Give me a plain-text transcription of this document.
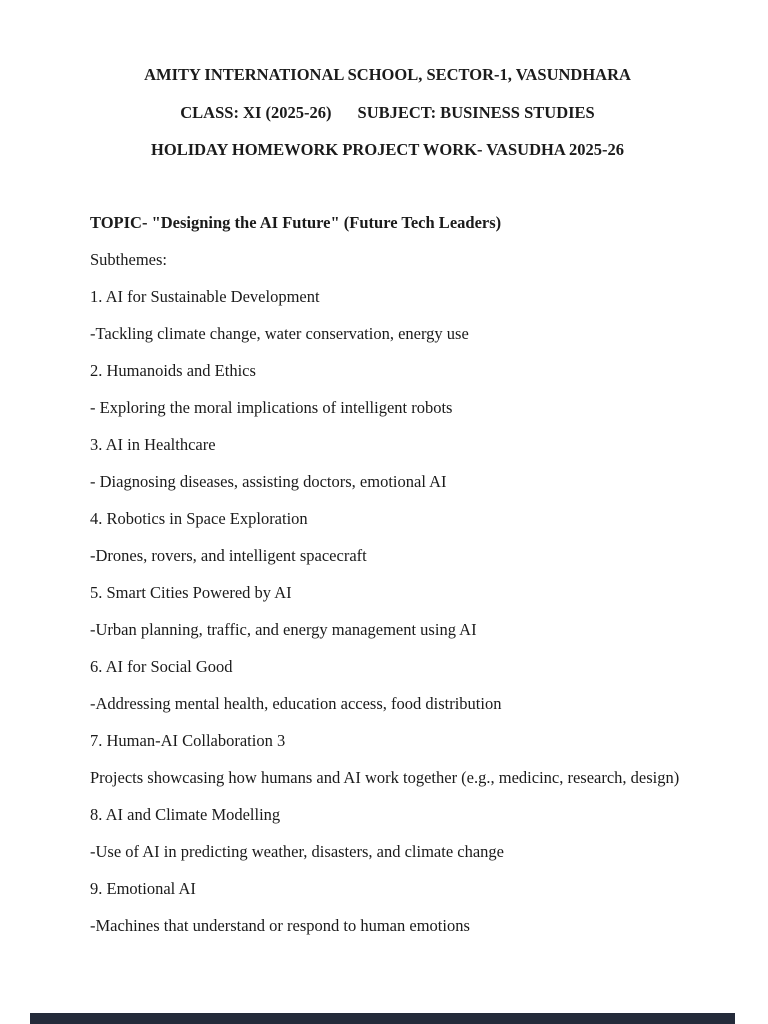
AMITY INTERNATIONAL SCHOOL, SECTOR-1, VASUNDHARA
CLASS: XI (2025-26) SUBJECT: BUSINESS STUDIES
HOLIDAY HOMEWORK PROJECT WORK- VASUDHA 2025-26
TOPIC- "Designing the AI Future" (Future Tech Leaders)
Subthemes:
1. AI for Sustainable Development
-Tackling climate change, water conservation, energy use
2. Humanoids and Ethics
- Exploring the moral implications of intelligent robots
3. AI in Healthcare
- Diagnosing diseases, assisting doctors, emotional AI
4. Robotics in Space Exploration
-Drones, rovers, and intelligent spacecraft
5. Smart Cities Powered by AI
-Urban planning, traffic, and energy management using AI
6. AI for Social Good
-Addressing mental health, education access, food distribution
7. Human-AI Collaboration 3
Projects showcasing how humans and AI work together (e.g., medicinc, research, design)
8. AI and Climate Modelling
-Use of AI in predicting weather, disasters, and climate change
9. Emotional AI
-Machines that understand or respond to human emotions
